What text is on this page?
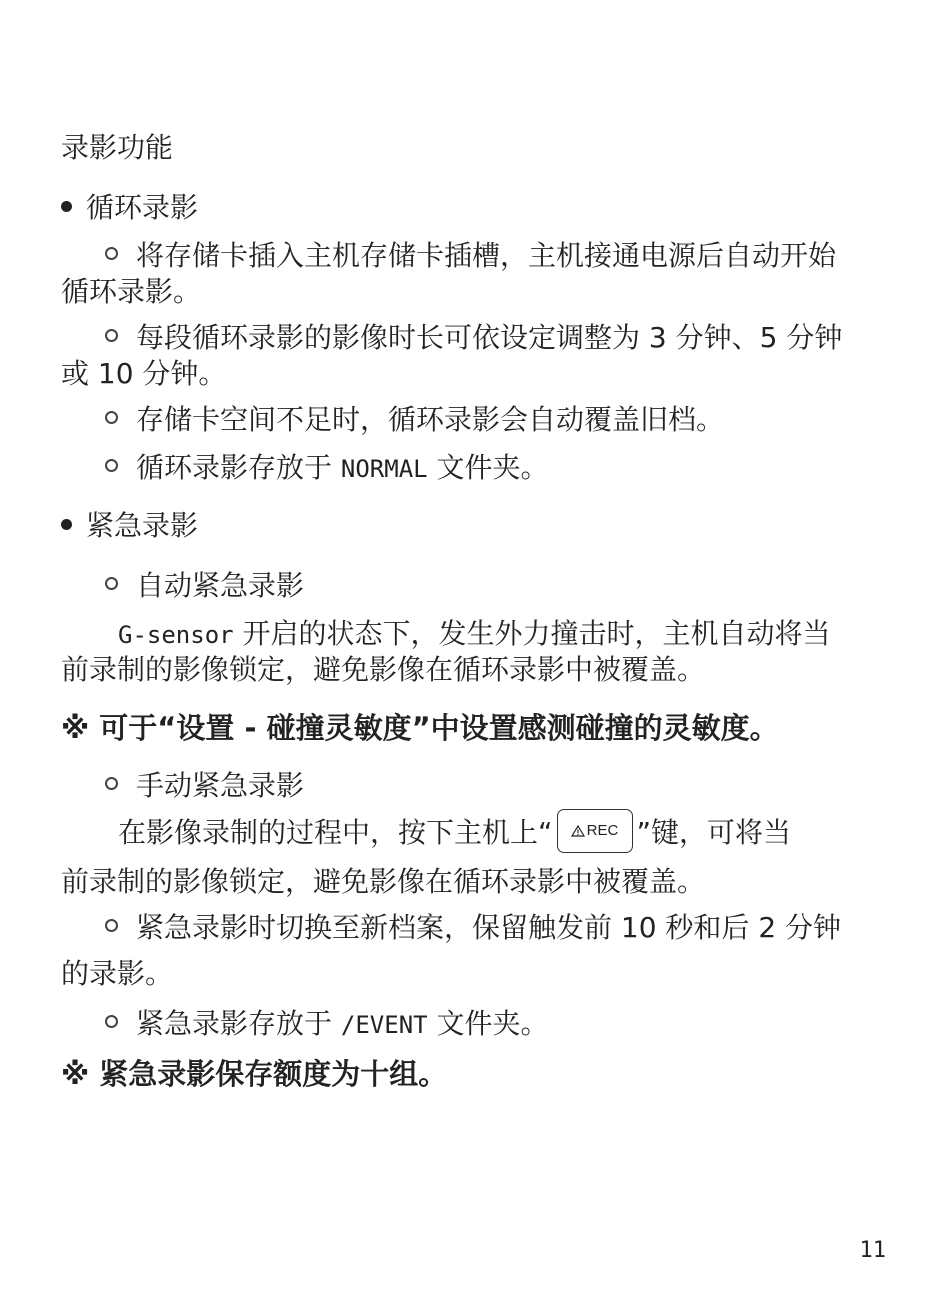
录影功能
循环录影
将存储卡插入主机存储卡插槽，主机接通电源后自动开始
循环录影。
每段循环录影的影像时长可依设定调整为 3 分钟、5 分钟
或 10 分钟。
存储卡空间不足时，循环录影会自动覆盖旧档。
循环录影存放于 NORMAL 文件夹。
紧急录影
自动紧急录影
G-sensor 开启的状态下，发生外力撞击时，主机自动将当
前录制的影像锁定，避免影像在循环录影中被覆盖。
※ 可于“设置 - 碰撞灵敏度”中设置感测碰撞的灵敏度。
手动紧急录影
在影像录制的过程中，按下主机上“ REC ”键，可将当
前录制的影像锁定，避免影像在循环录影中被覆盖。
紧急录影时切换至新档案，保留触发前 10 秒和后 2 分钟
的录影。
紧急录影存放于 /EVENT 文件夹。
※ 紧急录影保存额度为十组。
11
